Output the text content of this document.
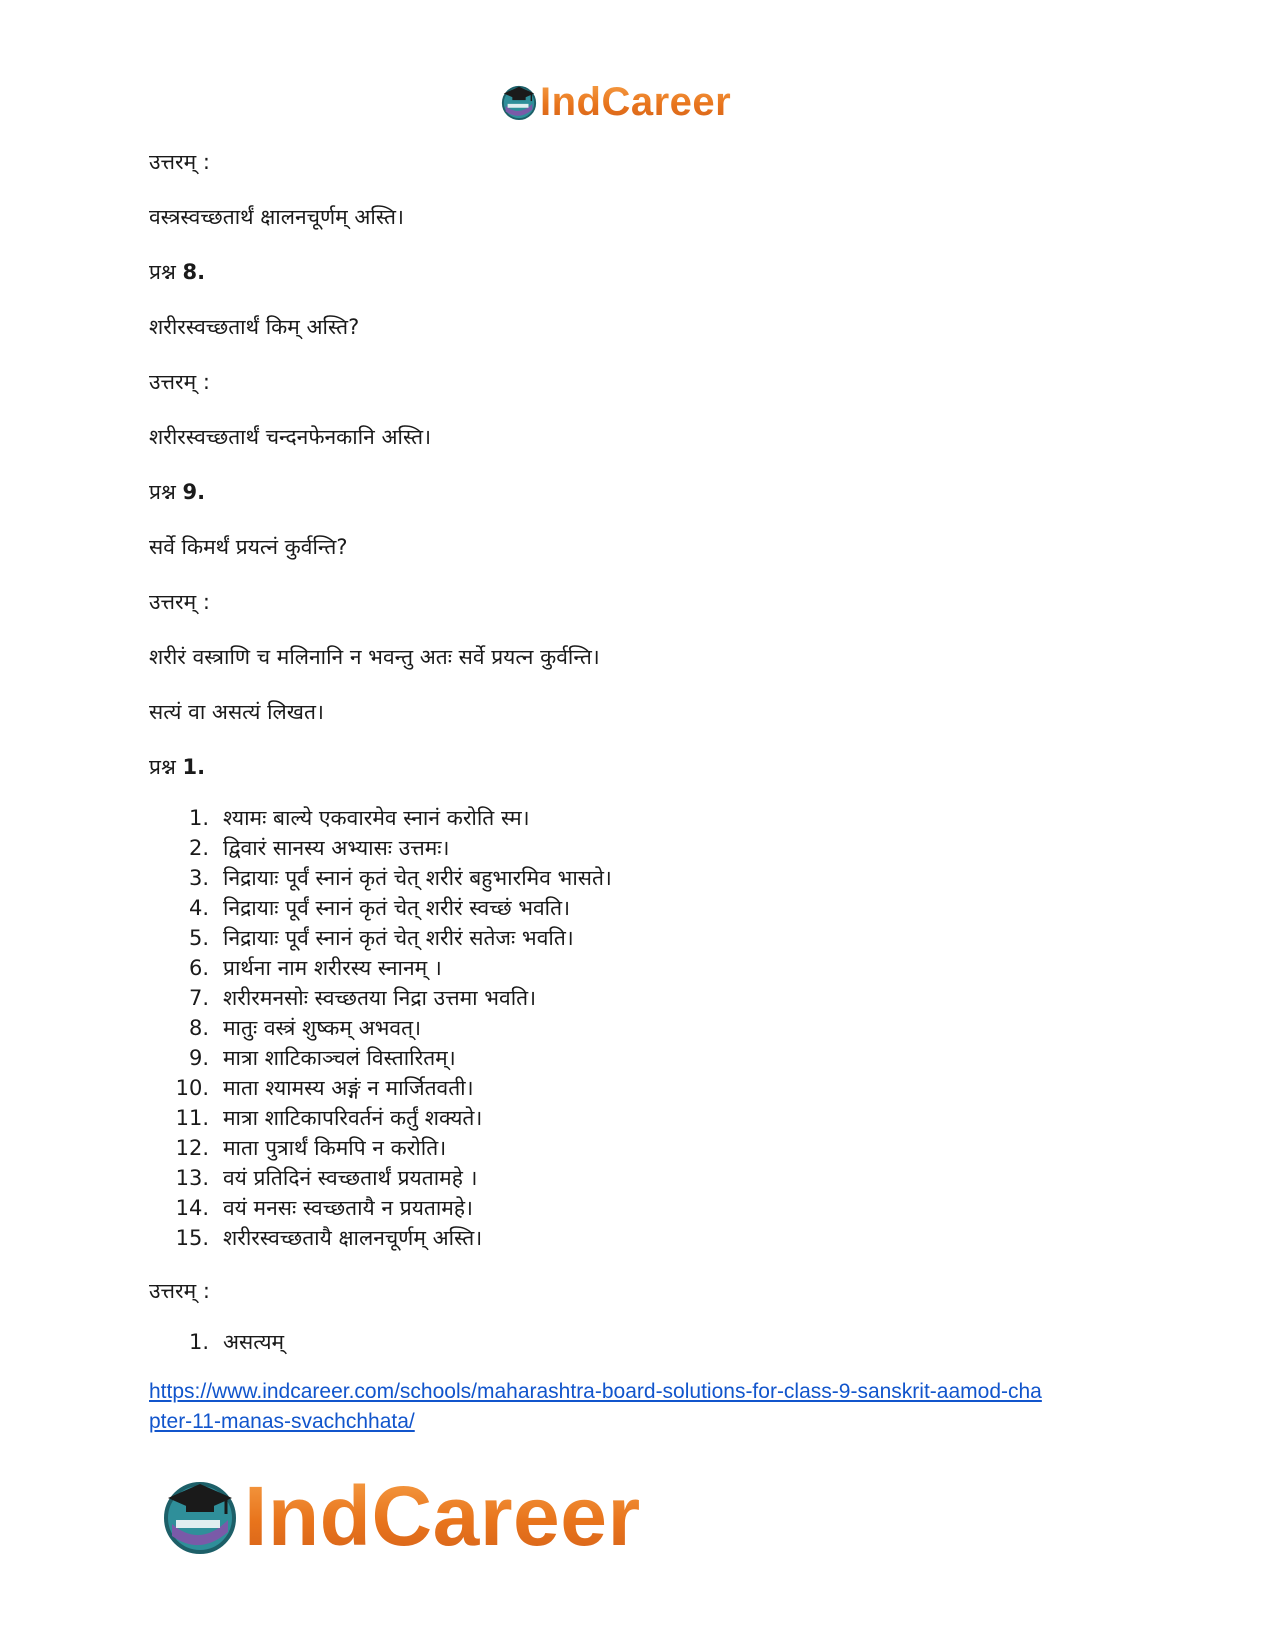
IndCareer

उत्तरम् :

वस्त्रस्वच्छतार्थं क्षालनचूर्णम् अस्ति।

प्रश्न 8.

शरीरस्वच्छतार्थं किम् अस्ति?

उत्तरम् :

शरीरस्वच्छतार्थं चन्दनफेनकानि अस्ति।

प्रश्न 9.

सर्वे किमर्थं प्रयत्नं कुर्वन्ति?

उत्तरम् :

शरीरं वस्त्राणि च मलिनानि न भवन्तु अतः सर्वे प्रयत्न कुर्वन्ति।

सत्यं वा असत्यं लिखत।

प्रश्न 1.

1. श्यामः बाल्ये एकवारमेव स्नानं करोति स्म।
2. द्विवारं सानस्य अभ्यासः उत्तमः।
3. निद्रायाः पूर्वं स्नानं कृतं चेत् शरीरं बहुभारमिव भासते।
4. निद्रायाः पूर्वं स्नानं कृतं चेत् शरीरं स्वच्छं भवति।
5. निद्रायाः पूर्वं स्नानं कृतं चेत् शरीरं सतेजः भवति।
6. प्रार्थना नाम शरीरस्य स्नानम् ।
7. शरीरमनसोः स्वच्छतया निद्रा उत्तमा भवति।
8. मातुः वस्त्रं शुष्कम् अभवत्।
9. मात्रा शाटिकाञ्चलं विस्तारितम्।
10. माता श्यामस्य अङ्गं न मार्जितवती।
11. मात्रा शाटिकापरिवर्तनं कर्तुं शक्यते।
12. माता पुत्रार्थं किमपि न करोति।
13. वयं प्रतिदिनं स्वच्छतार्थं प्रयतामहे ।
14. वयं मनसः स्वच्छतायै न प्रयतामहे।
15. शरीरस्वच्छतायै क्षालनचूर्णम् अस्ति।

उत्तरम् :

1. असत्यम्
https://www.indcareer.com/schools/maharashtra-board-solutions-for-class-9-sanskrit-aamod-cha
pter-11-manas-svachchhata/
IndCareer
